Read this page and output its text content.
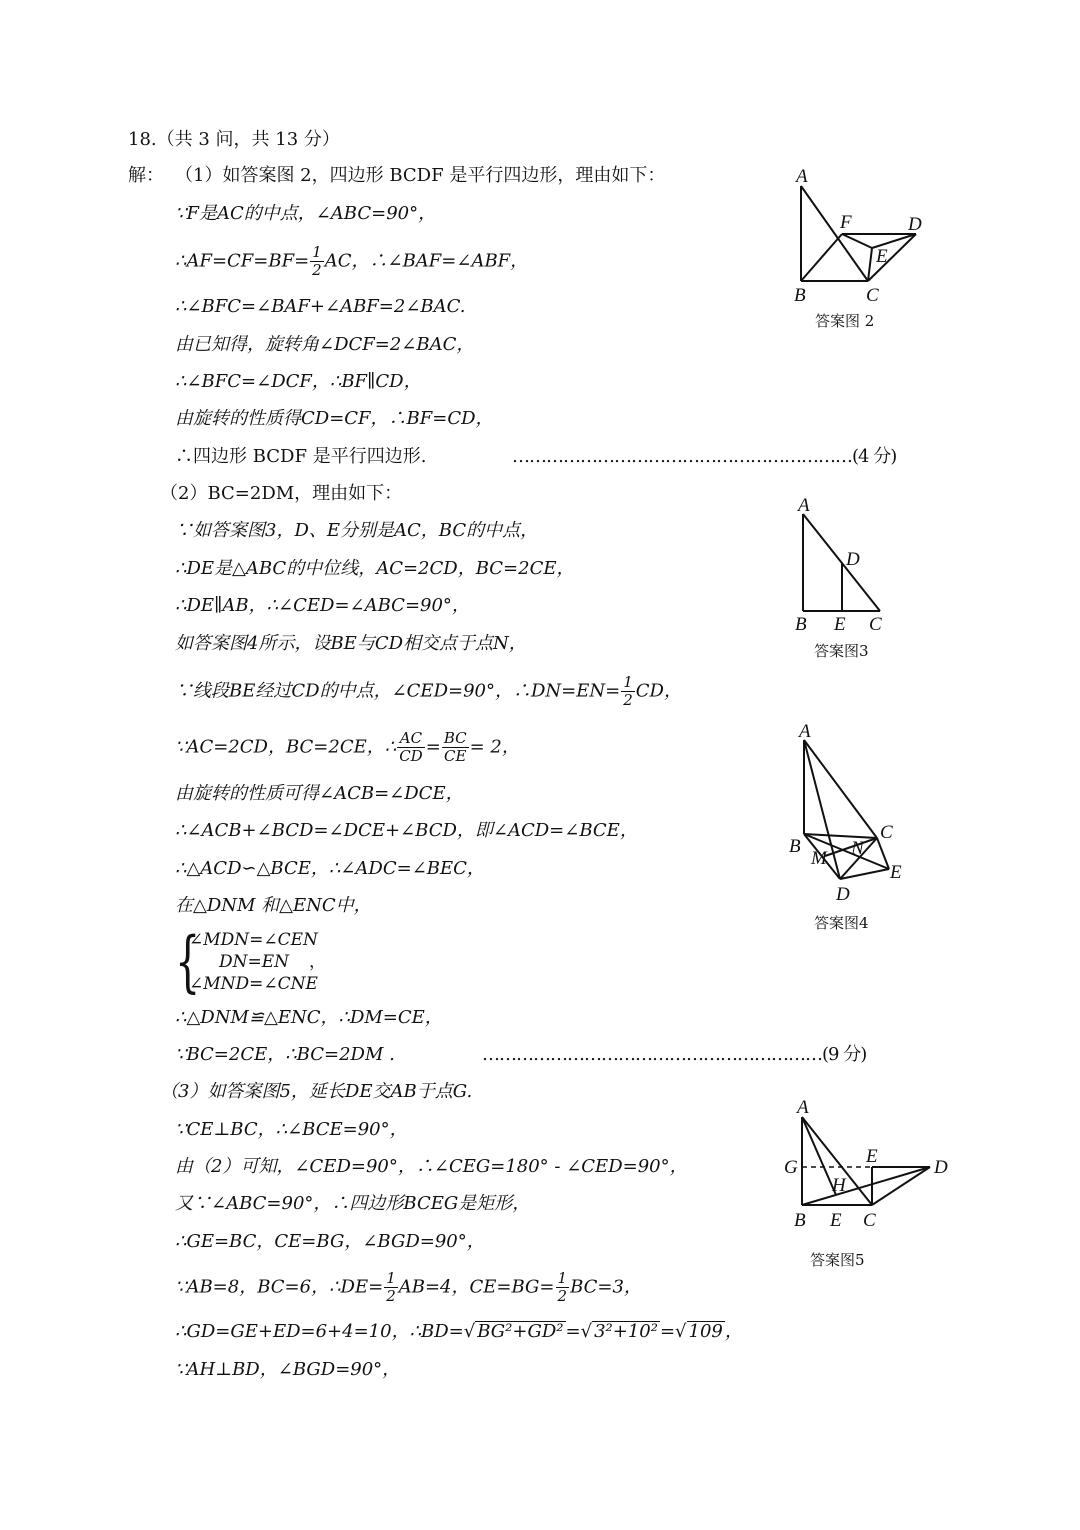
18.（共 3 问，共 13 分）
解： （1）如答案图 2，四边形 BCDF 是平行四边形，理由如下：
∵F是AC的中点，∠ABC=90°，
∴AF=CF=BF= $\frac{1}{2}$ AC，∴∠BAF=∠ABF，
∴∠BFC=∠BAF+∠ABF=2∠BAC.
由已知得，旋转角∠DCF=2∠BAC，
∴∠BFC=∠DCF，∴BF∥CD，
由旋转的性质得CD=CF，∴BF=CD，
∴四边形 BCDF 是平行四边形.	……………………………………………………(4 分)
（2）BC=2DM，理由如下：
∵如答案图3，D、E分别是AC，BC的中点，
∴DE是△ABC的中位线，AC=2CD，BC=2CE，
∴DE∥AB，∴∠CED=∠ABC=90°，
如答案图4所示，设BE与CD相交点于点N，
∵线段BE经过CD的中点，∠CED=90°，∴DN=EN= $\frac{1}{2}$ CD，
∵AC=2CD，BC=2CE，∴ $\frac{AC}{CD} = \frac{BC}{CE} = 2$，
由旋转的性质可得∠ACB=∠DCE，
∴∠ACB+∠BCD=∠DCE+∠BCD，即∠ACD=∠BCE，
∴△ACD∽△BCE，∴∠ADC=∠BEC，
在△DNM 和△ENC中，
{
∠MDN=∠CEN
DN=EN
∠MND=∠CNE
，
∴△DNM≌△ENC，∴DM=CE，
∵BC=2CE，∴BC=2DM .	……………………………………………………(9 分)
（3）如答案图5，延长DE交AB于点G.
∵CE⊥BC，∴∠BCE=90°，
由（2）可知，∠CED=90°，∴∠CEG=180° - ∠CED=90°，
又∵∠ABC=90°，∴四边形BCEG是矩形，
∴GE=BC，CE=BG，∠BGD=90°，
∵AB=8，BC=6，∴DE= $\frac{1}{2} AB=4$，$CE=BG= \frac{1}{2} BC=3$，
∴GD=GE+ED=6+4=10，∴BD=√ BG²+GD² =√ 3²+10² =√ 109 ，
∵AH⊥BD，∠BGD=90°，
A
F	D
E
B	C
答案图 2
A
D
B E C
答案图3
A
C
B
M N
E
D
答案图4
A
G
E
D
H
B E C
答案图5
